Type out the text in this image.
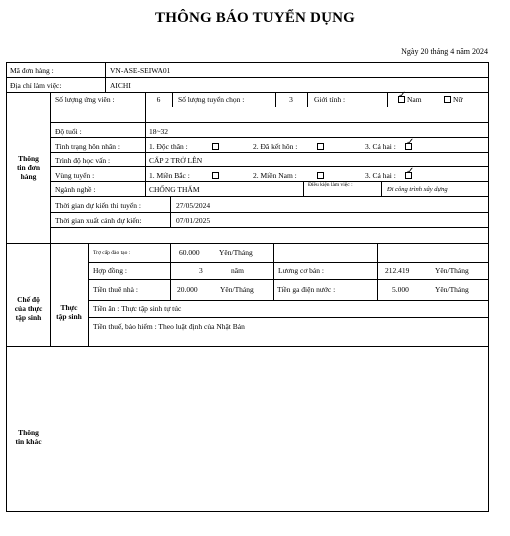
THÔNG BÁO TUYỂN DỤNG
Ngày 20 tháng 4 năm 2024
Mã đơn hàng :	VN-ASE-SEIWA01
Địa chỉ làm việc:	AICHI
Thông
tin đơn
hàng
Số lượng ứng viên :	6	Số lượng tuyển chọn :	3	Giới tính :	✓ Nam	Nữ
Độ tuổi :	18~32
Tình trạng hôn nhân :	1. Độc thân :	2. Đã kết hôn :	3. Cả hai : ✓
Trình độ học vấn :	CẤP 2 TRỞ LÊN
Vùng tuyển :	1. Miền Bắc :	2. Miền Nam :	3. Cả hai : ✓
Ngành nghề :	CHỐNG THẤM	Điều kiện làm việc :
Đi công trình xây dựng
Thời gian dự kiến thi tuyển :	27/05/2024
Thời gian xuất cảnh dự kiến:	07/01/2025
Chế độ
của thực
tập sinh
Thực
tập sinh
Trợ cấp đào tạo :	60.000	Yên/Tháng
Hợp đồng :	3	năm	Lương cơ bản :	212.419	Yên/Tháng
Tiền thuê nhà :	20.000	Yên/Tháng	Tiền ga điện nước :	5.000	Yên/Tháng
Tiền ăn : Thực tập sinh tự túc
Tiền thuế, bảo hiểm : Theo luật định của Nhật Bản
Thông
tin khác
